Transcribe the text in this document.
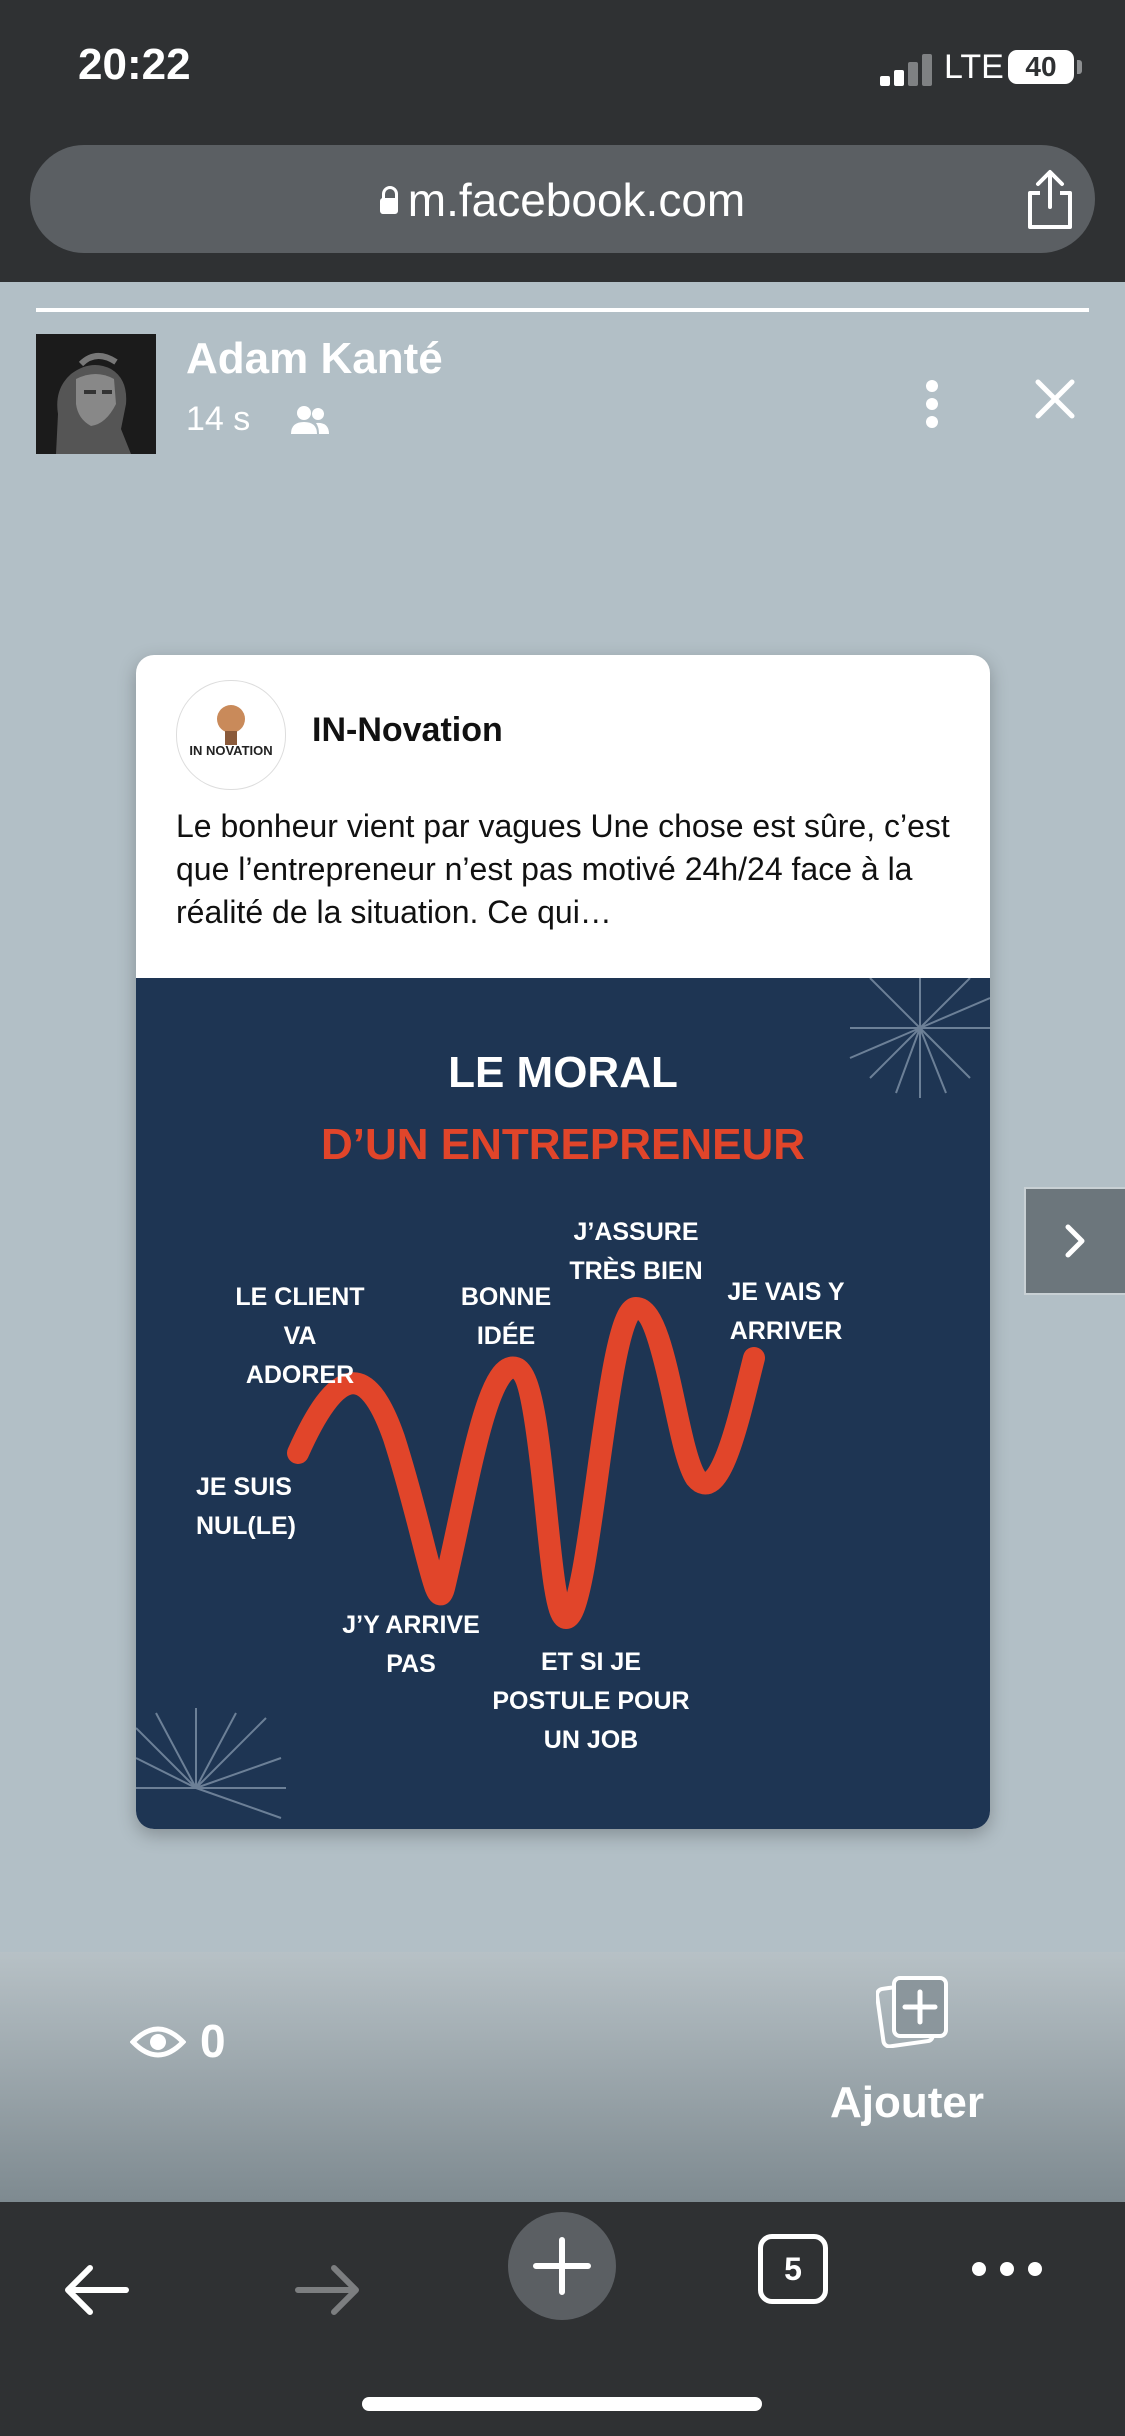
20:22	LTE 40
m.facebook.com
Adam Kanté
14 s
IN NOVATION
IN-Novation
Le bonheur vient par vagues Une chose est sûre, c’est que l’entrepreneur n’est pas motivé 24h/24 face à la réalité de la situation. Ce qui…
LE MORAL
D’UN ENTREPRENEUR
LE CLIENT VA ADORER
BONNE IDÉE
J’ASSURE TRÈS BIEN
JE VAIS Y ARRIVER
JE SUIS NUL(LE)
J’Y ARRIVE PAS	ET SI JE POSTULE POUR UN JOB
0
Ajouter
5
